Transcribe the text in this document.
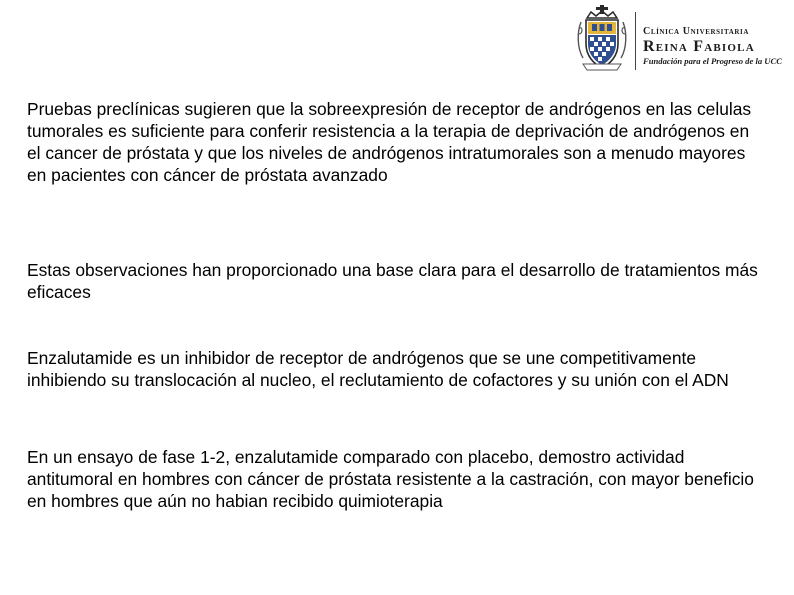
Clínica Universitaria
Reina Fabiola
Fundación para el Progreso de la UCC

Pruebas preclínicas sugieren que la sobreexpresión de receptor de andrógenos en las celulas tumorales es suficiente para conferir resistencia a la terapia de deprivación de andrógenos en el cancer de próstata y que los niveles de andrógenos intratumorales son a menudo mayores en pacientes con cáncer de próstata avanzado

Estas observaciones han proporcionado una base clara para el desarrollo de tratamientos más eficaces

Enzalutamide es un inhibidor de receptor de andrógenos que se une competitivamente inhibiendo su translocación al nucleo, el reclutamiento de cofactores y su unión con el ADN

En un ensayo de fase 1-2, enzalutamide comparado con placebo, demostro actividad antitumoral en hombres con cáncer de próstata resistente a la castración, con mayor beneficio en hombres que aún no habian recibido quimioterapia
